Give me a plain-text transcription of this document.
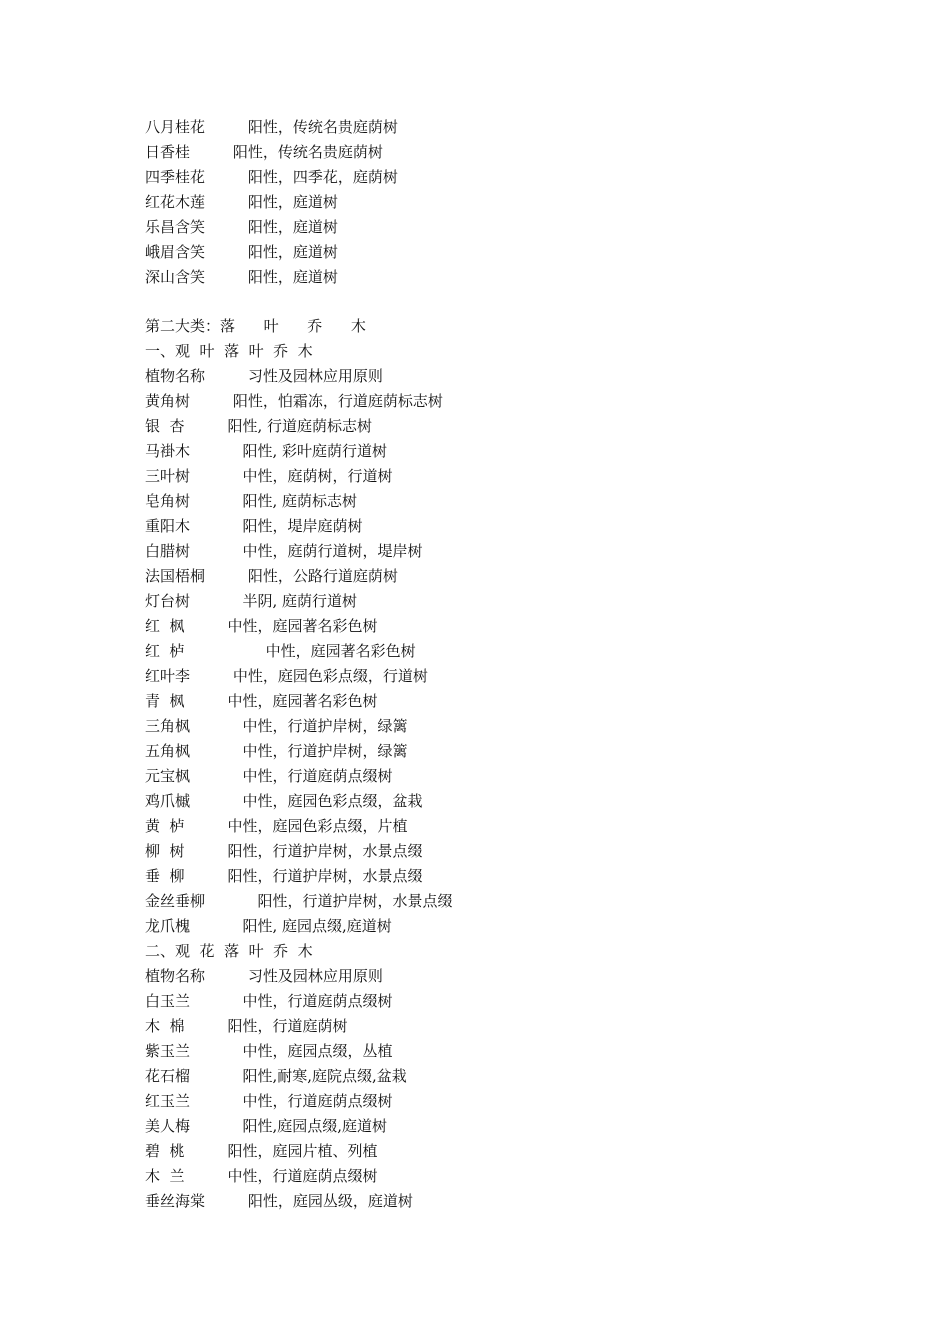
八月桂花         阳性，传统名贵庭荫树
日香桂         阳性，传统名贵庭荫树
四季桂花         阳性，四季花，庭荫树
红花木莲         阳性，庭道树
乐昌含笑         阳性，庭道树
峨眉含笑         阳性，庭道树
深山含笑         阳性，庭道树
第二大类：落      叶      乔      木
一、观  叶  落  叶  乔  木
植物名称         习性及园林应用原则
黄角树         阳性，怕霜冻，行道庭荫标志树
银  杏         阳性, 行道庭荫标志树
马褂木           阳性, 彩叶庭荫行道树
三叶树           中性，庭荫树，行道树
皂角树           阳性, 庭荫标志树
重阳木           阳性，堤岸庭荫树
白腊树           中性，庭荫行道树，堤岸树
法国梧桐         阳性，公路行道庭荫树
灯台树           半阴, 庭荫行道树
红  枫         中性，庭园著名彩色树
红  栌                 中性，庭园著名彩色树
红叶李         中性，庭园色彩点缀，行道树
青  枫         中性，庭园著名彩色树
三角枫           中性，行道护岸树，绿篱
五角枫           中性，行道护岸树，绿篱
元宝枫           中性，行道庭荫点缀树
鸡爪槭           中性，庭园色彩点缀，盆栽
黄  栌         中性，庭园色彩点缀，片植
柳  树         阳性，行道护岸树，水景点缀
垂  柳         阳性，行道护岸树，水景点缀
金丝垂柳           阳性，行道护岸树，水景点缀
龙爪槐           阳性, 庭园点缀,庭道树
二、观  花  落  叶  乔  木
植物名称         习性及园林应用原则
白玉兰           中性，行道庭荫点缀树
木  棉         阳性，行道庭荫树
紫玉兰           中性，庭园点缀，丛植
花石榴           阳性,耐寒,庭院点缀,盆栽
红玉兰           中性，行道庭荫点缀树
美人梅           阳性,庭园点缀,庭道树
碧  桃         阳性，庭园片植、列植
木  兰         中性，行道庭荫点缀树
垂丝海棠         阳性，庭园丛级，庭道树
